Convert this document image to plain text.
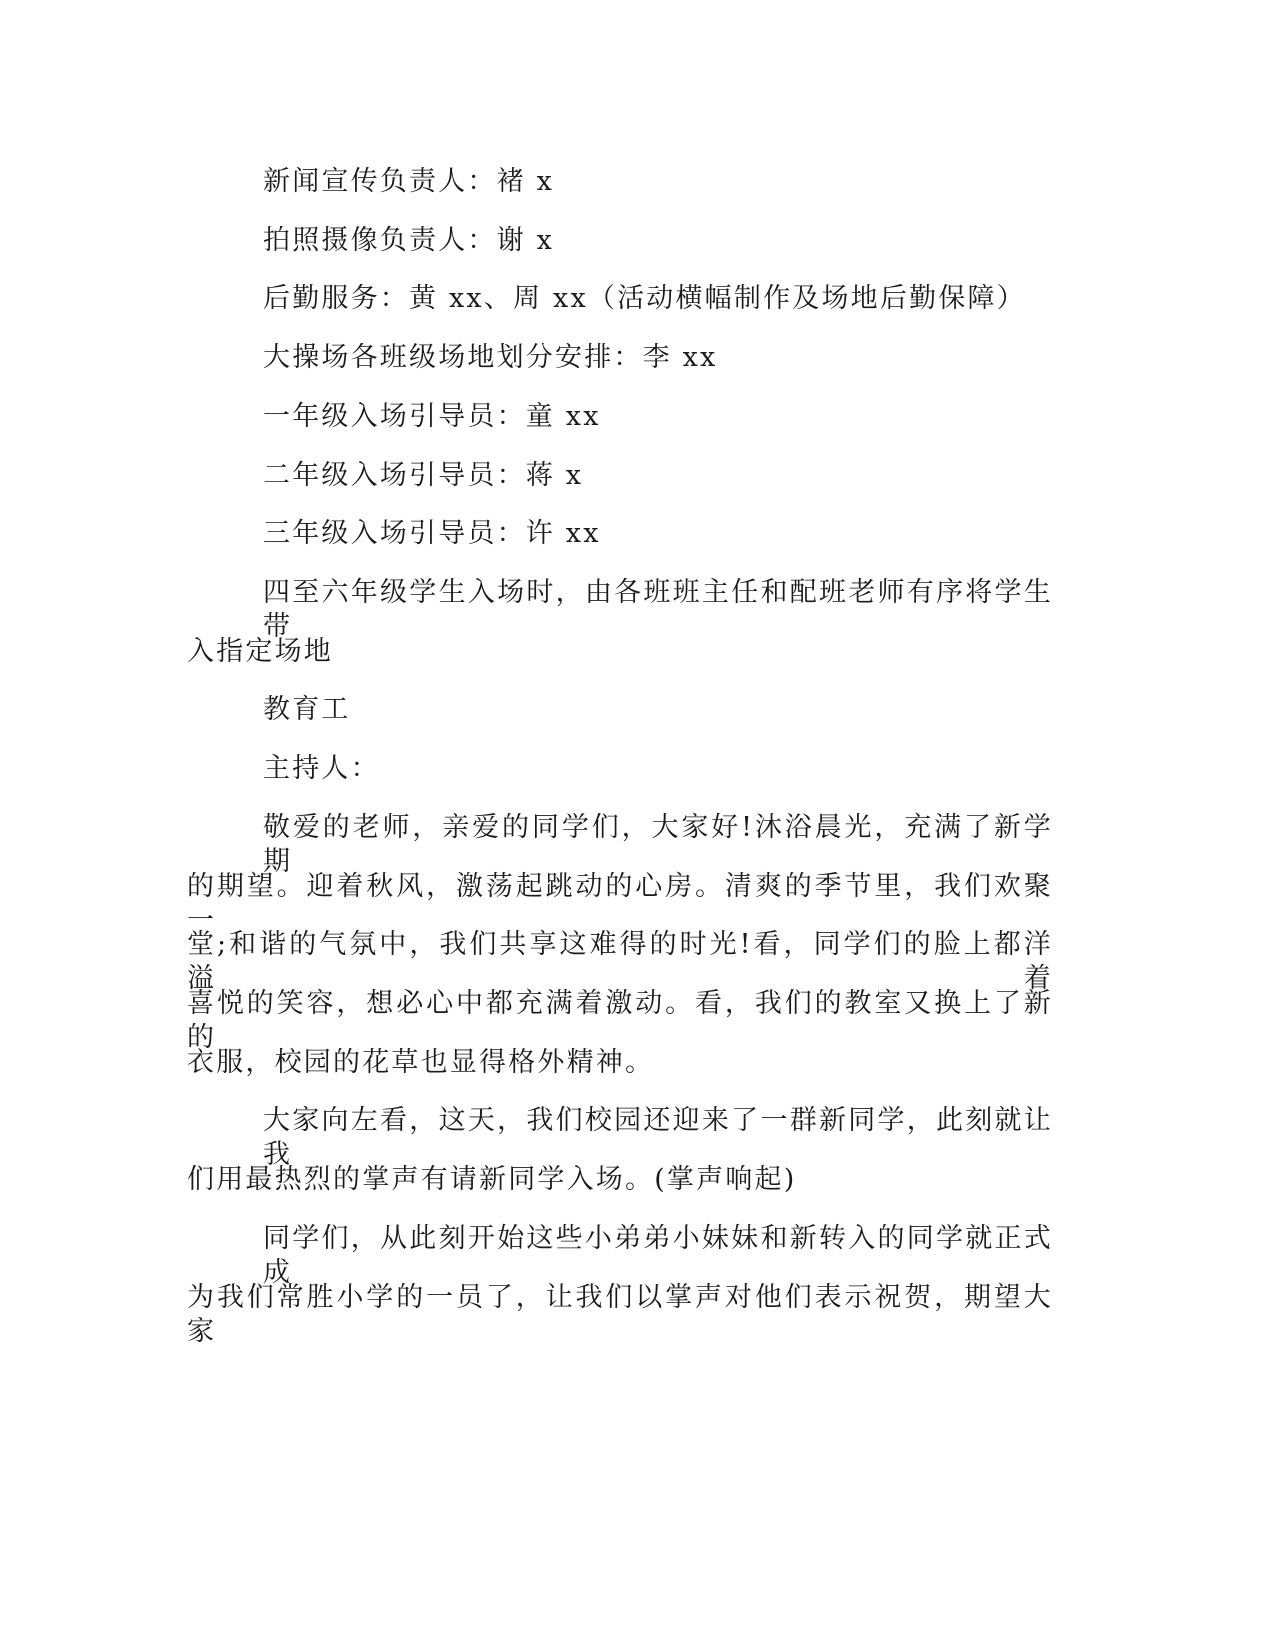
新闻宣传负责人：褚 x
拍照摄像负责人：谢 x
后勤服务：黄 xx、周 xx（活动横幅制作及场地后勤保障）
大操场各班级场地划分安排：李 xx
一年级入场引导员：童 xx
二年级入场引导员：蒋 x
三年级入场引导员：许 xx
四至六年级学生入场时，由各班班主任和配班老师有序将学生带
入指定场地
教育工
主持人：
敬爱的老师，亲爱的同学们，大家好!沐浴晨光，充满了新学期
的期望。迎着秋风，激荡起跳动的心房。清爽的季节里，我们欢聚一
堂;和谐的气氛中，我们共享这难得的时光!看，同学们的脸上都洋溢着
喜悦的笑容，想必心中都充满着激动。看，我们的教室又换上了新的
衣服，校园的花草也显得格外精神。
大家向左看，这天，我们校园还迎来了一群新同学，此刻就让我
们用最热烈的掌声有请新同学入场。(掌声响起)
同学们，从此刻开始这些小弟弟小妹妹和新转入的同学就正式成
为我们常胜小学的一员了，让我们以掌声对他们表示祝贺，期望大家
